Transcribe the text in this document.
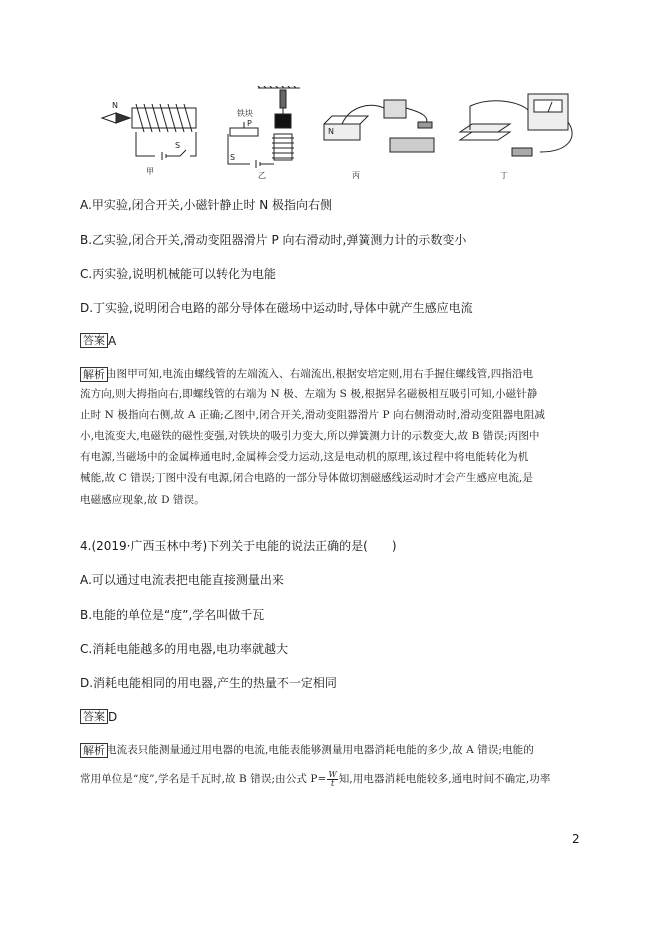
N
S
甲
铁块
P
S
乙
N
丙	丁
A.甲实验,闭合开关,小磁针静止时 N 极指向右侧
B.乙实验,闭合开关,滑动变阻器滑片 P 向右滑动时,弹簧测力计的示数变小
C.丙实验,说明机械能可以转化为电能
D.丁实验,说明闭合电路的部分导体在磁场中运动时,导体中就产生感应电流
答案 A
解析 由图甲可知,电流由螺线管的左端流入、右端流出,根据安培定则,用右手握住螺线管,四指沿电
流方向,则大拇指向右,即螺线管的右端为 N 极、左端为 S 极,根据异名磁极相互吸引可知,小磁针静
止时 N 极指向右侧,故 A 正确;乙图中,闭合开关,滑动变阻器滑片 P 向右侧滑动时,滑动变阻器电阻减
小,电流变大,电磁铁的磁性变强,对铁块的吸引力变大,所以弹簧测力计的示数变大,故 B 错误;丙图中
有电源,当磁场中的金属棒通电时,金属棒会受力运动,这是电动机的原理,该过程中将电能转化为机
械能,故 C 错误;丁图中没有电源,闭合电路的一部分导体做切割磁感线运动时才会产生感应电流,是
电磁感应现象,故 D 错误。
4.(2019·广西玉林中考)下列关于电能的说法正确的是(　　)
A.可以通过电流表把电能直接测量出来
B.电能的单位是“度”,学名叫做千瓦
C.消耗电能越多的用电器,电功率就越大
D.消耗电能相同的用电器,产生的热量不一定相同
答案 D
解析 电流表只能测量通过用电器的电流,电能表能够测量用电器消耗电能的多少,故 A 错误;电能的
常用单位是“度”,学名是千瓦时,故 B 错误;由公式 $P= \frac{W}{t}$ 知,用电器消耗电能较多,通电时间不确定,功率
2
